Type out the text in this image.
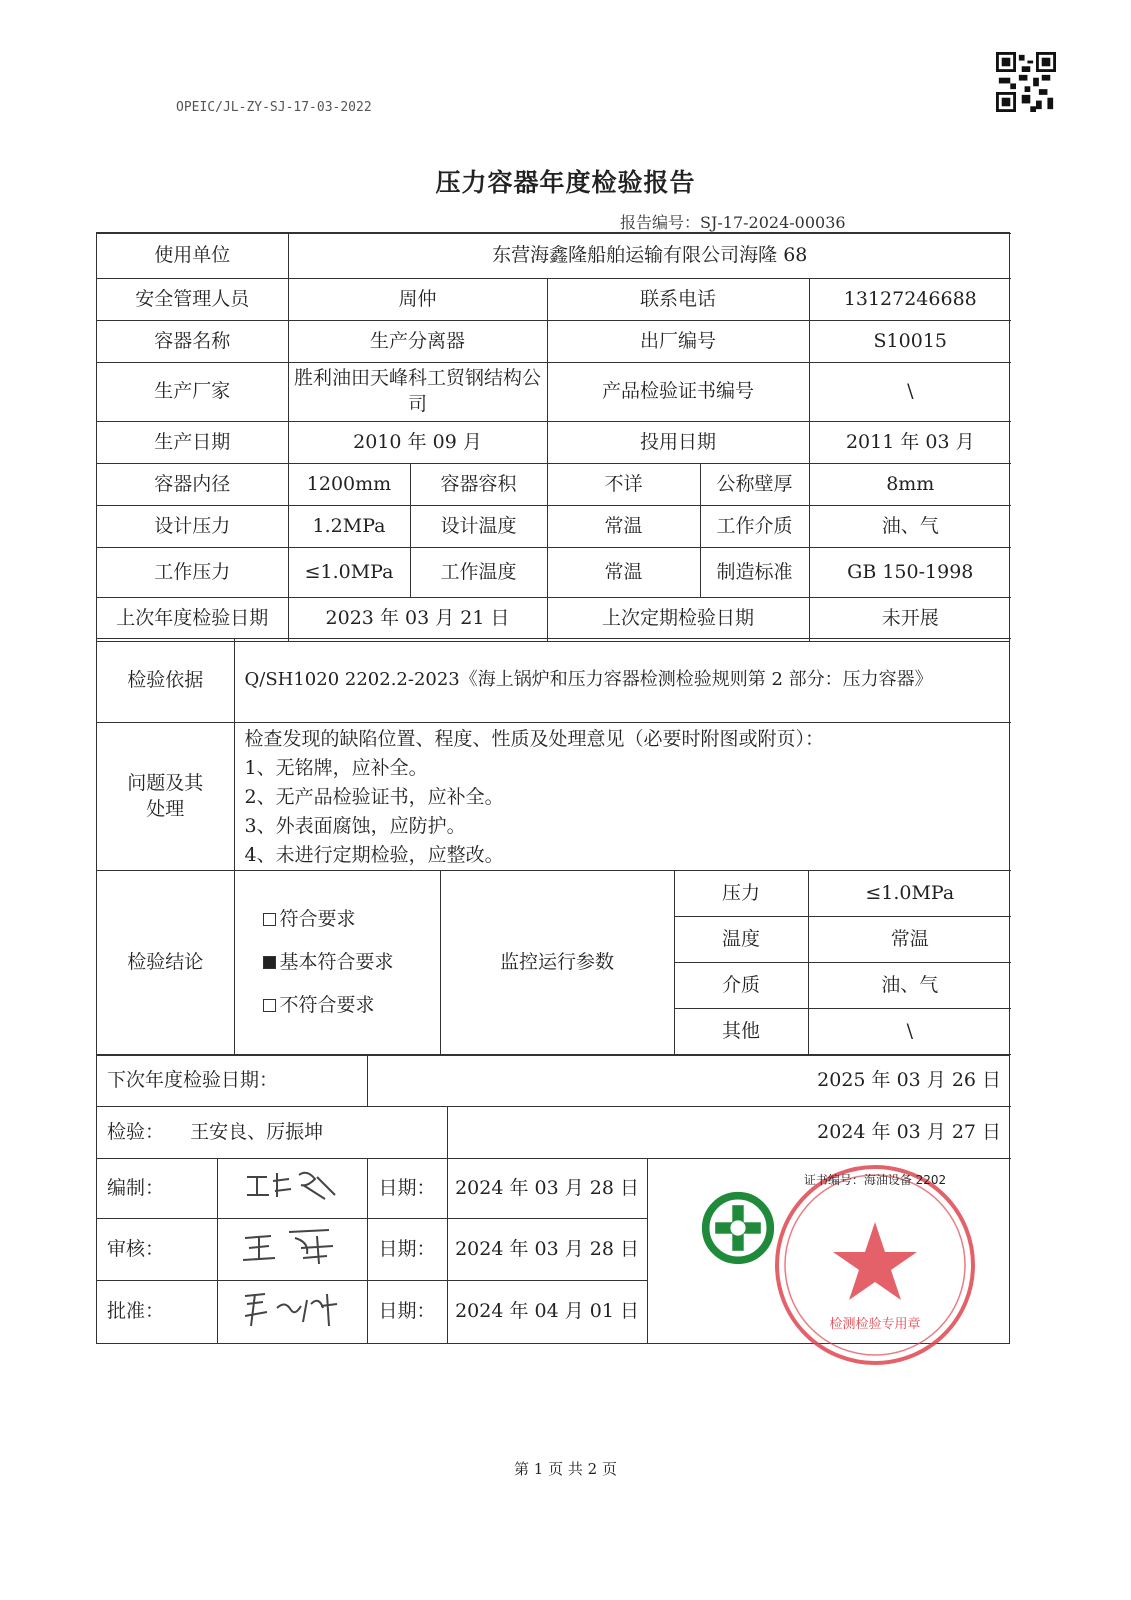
OPEIC/JL-ZY-SJ-17-03-2022
压力容器年度检验报告
报告编号：SJ-17-2024-00036
使用单位	东营海鑫隆船舶运输有限公司海隆 68				
安全管理人员	周仲		联系电话		13127246688
容器名称	生产分离器		出厂编号		S10015
生产厂家	胜利油田天峰科工贸钢结构公司		产品检验证书编号		\
生产日期	2010 年 09 月		投用日期		2011 年 03 月
容器内径	1200mm	容器容积	不详	公称壁厚	8mm
设计压力	1.2MPa	设计温度	常温	工作介质	油、气
工作压力	≤1.0MPa	工作温度	常温	制造标准	GB 150-1998
上次年度检验日期	2023 年 03 月 21 日		上次定期检验日期		未开展
检验依据	Q/SH1020 2202.2-2023《海上锅炉和压力容器检测检验规则第 2 部分：压力容器》			
问题及其处理	检查发现的缺陷位置、程度、性质及处理意见（必要时附图或附页）：
1、无铭牌，应补全。
2、无产品检验证书，应补全。
3、外表面腐蚀，应防护。
4、未进行定期检验，应整改。			

检验结论	符合要求
基本符合要求
不符合要求	监控运行参数	压力	≤1.0MPa
			温度	常温
			介质	油、气
			其他	\
下次年度检验日期：		2025 年 03 月 26 日		
检验： 王安良、厉振坤			2024 年 03 月 27 日	
编制：		日期：	2024 年 03 月 28 日	
审核：		日期：	2024 年 03 月 28 日	
批准：		日期：	2024 年 04 月 01 日	
检测检验专用章
证书编号：海油设备 2202
第 1 页 共 2 页
